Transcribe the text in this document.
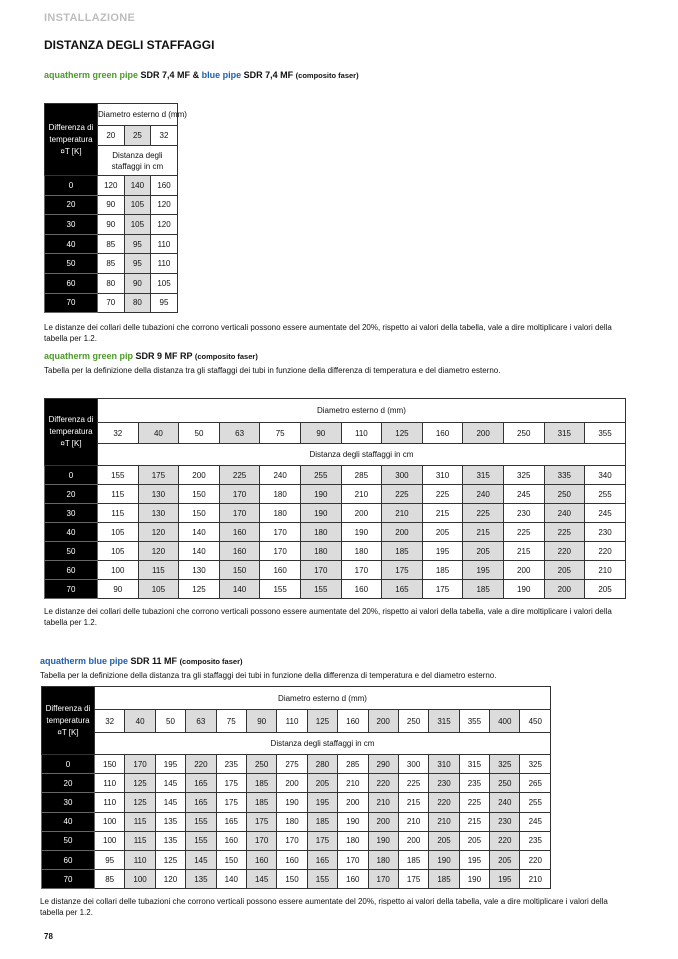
INSTALLAZIONE
DISTANZA DEGLI STAFFAGGI
aquatherm green pipe SDR 7,4 MF & blue pipe SDR 7,4 MF (composito faser)
Differenza di temperatura ¤T [K]	Diametro esterno d (mm)		
	20	25	32
	Distanza degli staffaggi in cm		
0	120	140	160
20	90	105	120
30	90	105	120
40	85	95	110
50	85	95	110
60	80	90	105
70	70	80	95
Le distanze dei collari delle tubazioni che corrono verticali possono essere aumentate del 20%, rispetto ai valori della tabella, vale a dire moltiplicare i valori della tabella per 1.2.
aquatherm green pip SDR 9 MF RP (composito faser)
Tabella per la definizione della distanza tra gli staffaggi dei tubi in funzione della differenza di temperatura e del diametro esterno.
Differenza di temperatura ¤T [K]	Diametro esterno d (mm)												
	32	40	50	63	75	90	110	125	160	200	250	315	355
	Distanza degli staffaggi in cm												
0	155	175	200	225	240	255	285	300	310	315	325	335	340
20	115	130	150	170	180	190	210	225	225	240	245	250	255
30	115	130	150	170	180	190	200	210	215	225	230	240	245
40	105	120	140	160	170	180	190	200	205	215	225	225	230
50	105	120	140	160	170	180	180	185	195	205	215	220	220
60	100	115	130	150	160	170	170	175	185	195	200	205	210
70	90	105	125	140	155	155	160	165	175	185	190	200	205
Le distanze dei collari delle tubazioni che corrono verticali possono essere aumentate del 20%, rispetto ai valori della tabella, vale a dire moltiplicare i valori della tabella per 1.2.
aquatherm blue pipe SDR 11 MF (composito faser)
Tabella per la definizione della distanza tra gli staffaggi dei tubi in funzione della differenza di temperatura e del diametro esterno.
Differenza di temperatura ¤T [K]	Diametro esterno d (mm)														
	32	40	50	63	75	90	110	125	160	200	250	315	355	400	450
	Distanza degli staffaggi in cm														
0	150	170	195	220	235	250	275	280	285	290	300	310	315	325	325
20	110	125	145	165	175	185	200	205	210	220	225	230	235	250	265
30	110	125	145	165	175	185	190	195	200	210	215	220	225	240	255
40	100	115	135	155	165	175	180	185	190	200	210	210	215	230	245
50	100	115	135	155	160	170	170	175	180	190	200	205	205	220	235
60	95	110	125	145	150	160	160	165	170	180	185	190	195	205	220
70	85	100	120	135	140	145	150	155	160	170	175	185	190	195	210
Le distanze dei collari delle tubazioni che corrono verticali possono essere aumentate del 20%, rispetto ai valori della tabella, vale a dire moltiplicare i valori della tabella per 1.2.
78
